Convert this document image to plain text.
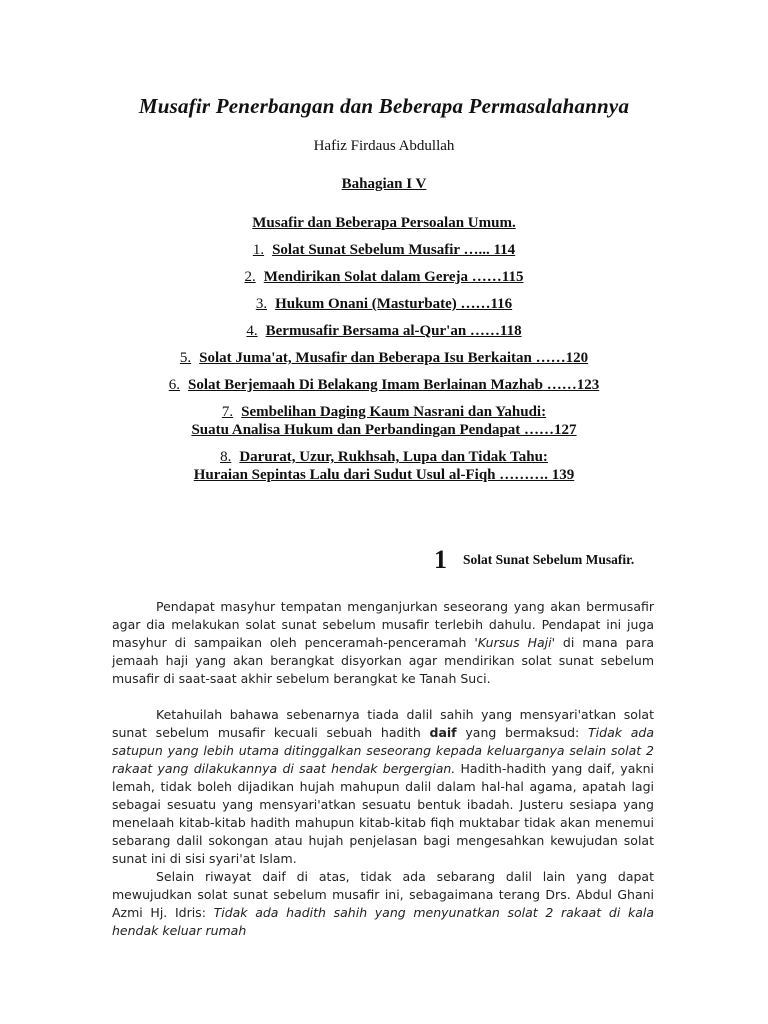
Musafir Penerbangan dan Beberapa Permasalahannya
Hafiz Firdaus Abdullah
Bahagian I V
Musafir dan Beberapa Persoalan Umum.
1. Solat Sunat Sebelum Musafir …... 114
2. Mendirikan Solat dalam Gereja ……115
3. Hukum Onani (Masturbate) ……116
4. Bermusafir Bersama al-Qur'an ……118
5. Solat Juma'at, Musafir dan Beberapa Isu Berkaitan ……120
6. Solat Berjemaah Di Belakang Imam Berlainan Mazhab ……123
7. Sembelihan Daging Kaum Nasrani dan Yahudi:
Suatu Analisa Hukum dan Perbandingan Pendapat ……127
8. Darurat, Uzur, Rukhsah, Lupa dan Tidak Tahu:
Huraian Sepintas Lalu dari Sudut Usul al-Fiqh ………. 139
1 Solat Sunat Sebelum Musafir.

Pendapat masyhur tempatan menganjurkan seseorang yang akan bermusafir agar dia melakukan solat sunat sebelum musafir terlebih dahulu. Pendapat ini juga masyhur di sampaikan oleh penceramah-penceramah 'Kursus Haji' di mana para jemaah haji yang akan berangkat disyorkan agar mendirikan solat sunat sebelum musafir di saat-saat akhir sebelum berangkat ke Tanah Suci.

Ketahuilah bahawa sebenarnya tiada dalil sahih yang mensyari'atkan solat sunat sebelum musafir kecuali sebuah hadith daif yang bermaksud: Tidak ada satupun yang lebih utama ditinggalkan seseorang kepada keluarganya selain solat 2 rakaat yang dilakukannya di saat hendak bergergian. Hadith-hadith yang daif, yakni lemah, tidak boleh dijadikan hujah mahupun dalil dalam hal-hal agama, apatah lagi sebagai sesuatu yang mensyari'atkan sesuatu bentuk ibadah. Justeru sesiapa yang menelaah kitab-kitab hadith mahupun kitab-kitab fiqh muktabar tidak akan menemui sebarang dalil sokongan atau hujah penjelasan bagi mengesahkan kewujudan solat sunat ini di sisi syari'at Islam.

Selain riwayat daif di atas, tidak ada sebarang dalil lain yang dapat mewujudkan solat sunat sebelum musafir ini, sebagaimana terang Drs. Abdul Ghani Azmi Hj. Idris: Tidak ada hadith sahih yang menyunatkan solat 2 rakaat di kala hendak keluar rumah
